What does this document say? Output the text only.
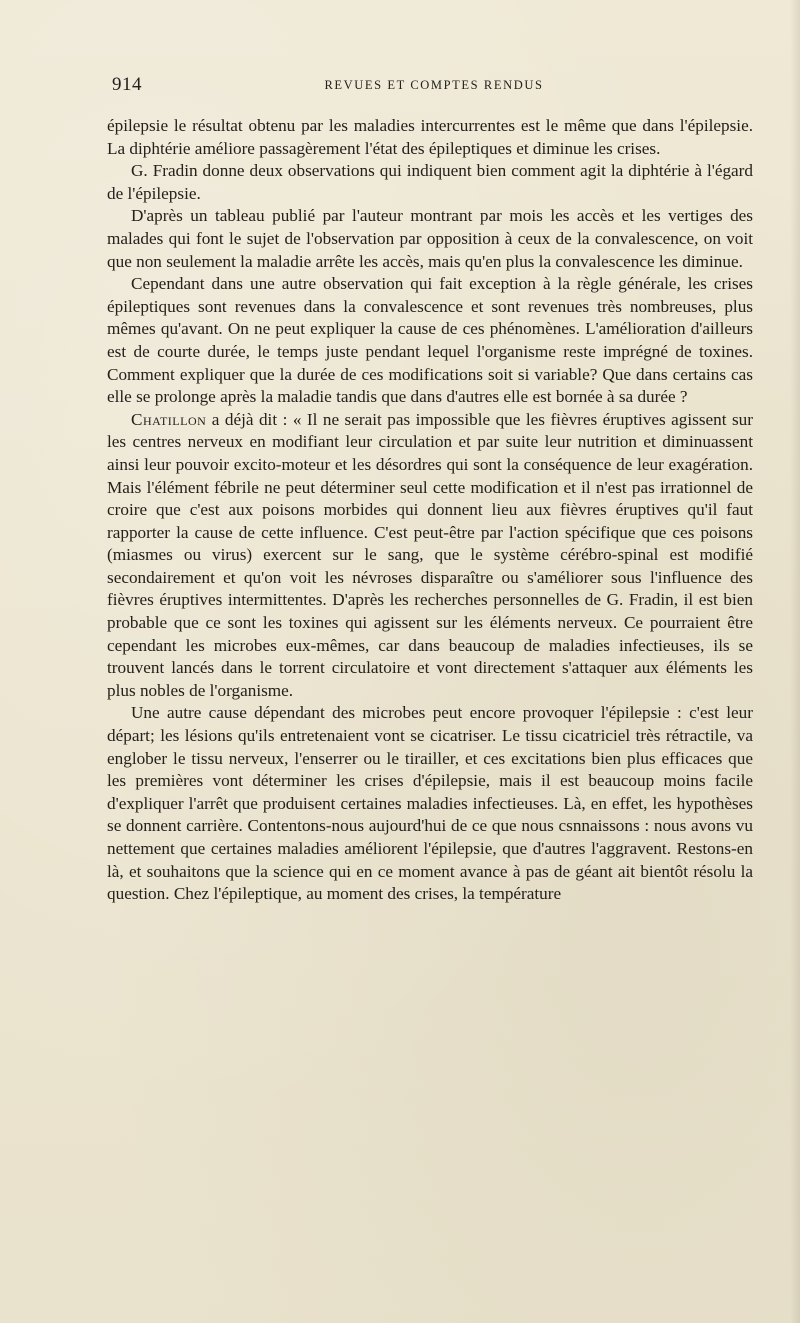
914	REVUES ET COMPTES RENDUS

épilepsie le résultat obtenu par les maladies intercurrentes est le même que dans l'épilepsie. La diphtérie améliore passagèrement l'état des épileptiques et diminue les crises.

G. Fradin donne deux observations qui indiquent bien comment agit la diphtérie à l'égard de l'épilepsie.

D'après un tableau publié par l'auteur montrant par mois les accès et les vertiges des malades qui font le sujet de l'observation par opposition à ceux de la convalescence, on voit que non seulement la maladie arrête les accès, mais qu'en plus la convalescence les diminue.

Cependant dans une autre observation qui fait exception à la règle générale, les crises épileptiques sont revenues dans la convalescence et sont revenues très nombreuses, plus mêmes qu'avant. On ne peut expliquer la cause de ces phénomènes. L'amélioration d'ailleurs est de courte durée, le temps juste pendant lequel l'organisme reste imprégné de toxines. Comment expliquer que la durée de ces modifications soit si variable? Que dans certains cas elle se prolonge après la maladie tandis que dans d'autres elle est bornée à sa durée ?

Chatillon a déjà dit : « Il ne serait pas impossible que les fièvres éruptives agissent sur les centres nerveux en modifiant leur circulation et par suite leur nutrition et diminuassent ainsi leur pouvoir excito-moteur et les désordres qui sont la conséquence de leur exagération. Mais l'élément fébrile ne peut déterminer seul cette modification et il n'est pas irrationnel de croire que c'est aux poisons morbides qui donnent lieu aux fièvres éruptives qu'il faut rapporter la cause de cette influence. C'est peut-être par l'action spécifique que ces poisons (miasmes ou virus) exercent sur le sang, que le système cérébro-spinal est modifié secondairement et qu'on voit les névroses disparaître ou s'améliorer sous l'influence des fièvres éruptives intermittentes. D'après les recherches personnelles de G. Fradin, il est bien probable que ce sont les toxines qui agissent sur les éléments nerveux. Ce pourraient être cependant les microbes eux-mêmes, car dans beaucoup de maladies infectieuses, ils se trouvent lancés dans le torrent circulatoire et vont directement s'attaquer aux éléments les plus nobles de l'organisme.

Une autre cause dépendant des microbes peut encore provoquer l'épilepsie : c'est leur départ; les lésions qu'ils entretenaient vont se cicatriser. Le tissu cicatriciel très rétractile, va englober le tissu nerveux, l'enserrer ou le tirailler, et ces excitations bien plus efficaces que les premières vont déterminer les crises d'épilepsie, mais il est beaucoup moins facile d'expliquer l'arrêt que produisent certaines maladies infectieuses. Là, en effet, les hypothèses se donnent carrière. Contentons-nous aujourd'hui de ce que nous csnnaissons : nous avons vu nettement que certaines maladies améliorent l'épilepsie, que d'autres l'aggravent. Restons-en là, et souhaitons que la science qui en ce moment avance à pas de géant ait bientôt résolu la question. Chez l'épileptique, au moment des crises, la température
